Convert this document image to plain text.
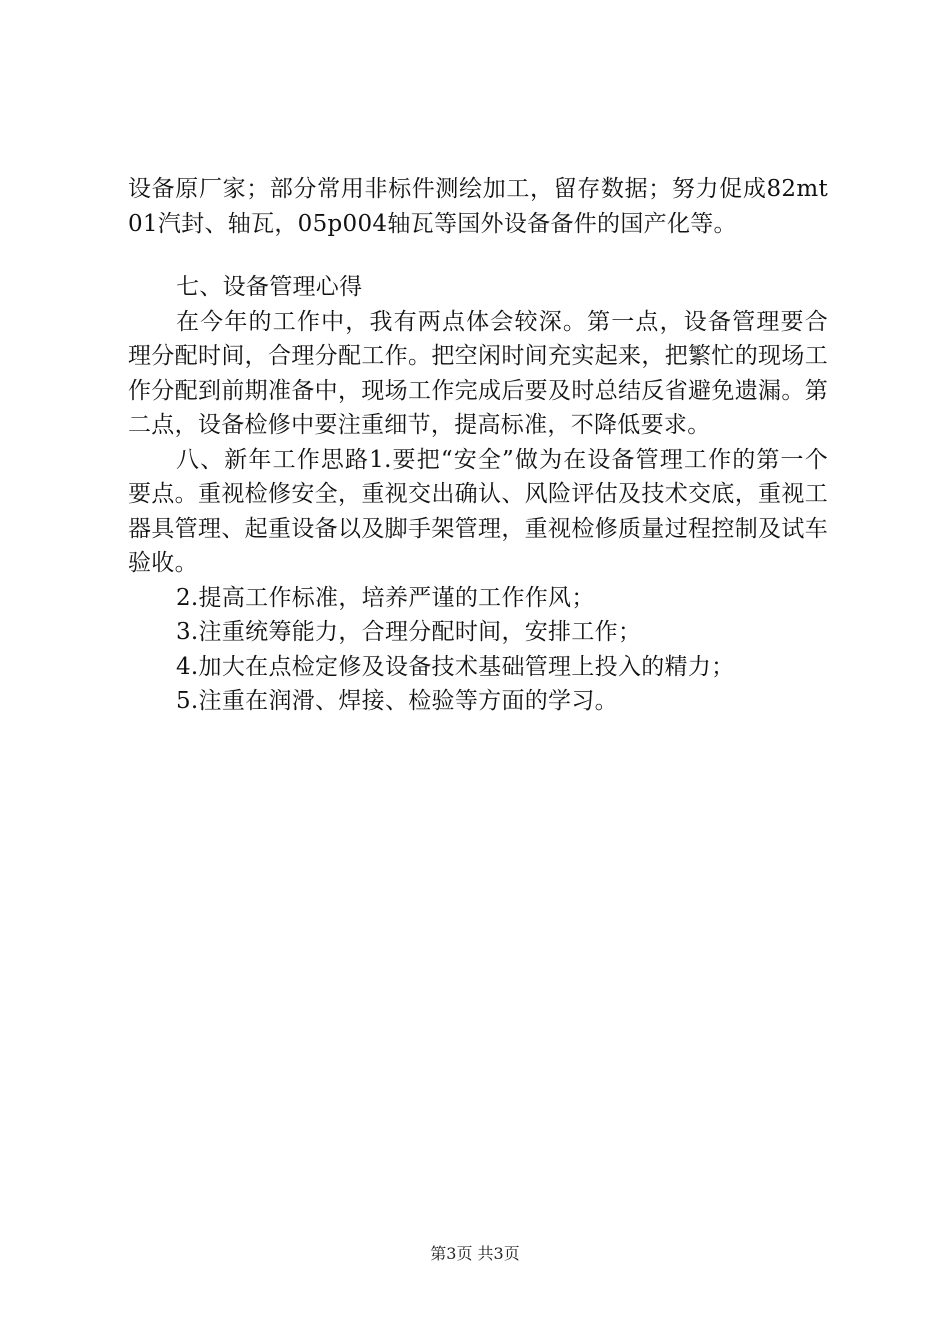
设备原厂家；部分常用非标件测绘加工，留存数据；努力促成82mt01汽封、轴瓦，05p004轴瓦等国外设备备件的国产化等。

七、设备管理心得

在今年的工作中，我有两点体会较深。第一点，设备管理要合理分配时间，合理分配工作。把空闲时间充实起来，把繁忙的现场工作分配到前期准备中，现场工作完成后要及时总结反省避免遗漏。第二点，设备检修中要注重细节，提高标准，不降低要求。

八、新年工作思路1.要把“安全”做为在设备管理工作的第一个要点。重视检修安全，重视交出确认、风险评估及技术交底，重视工器具管理、起重设备以及脚手架管理，重视检修质量过程控制及试车验收。

2.提高工作标准，培养严谨的工作作风；

3.注重统筹能力，合理分配时间，安排工作；

4.加大在点检定修及设备技术基础管理上投入的精力；

5.注重在润滑、焊接、检验等方面的学习。

第3页 共3页
